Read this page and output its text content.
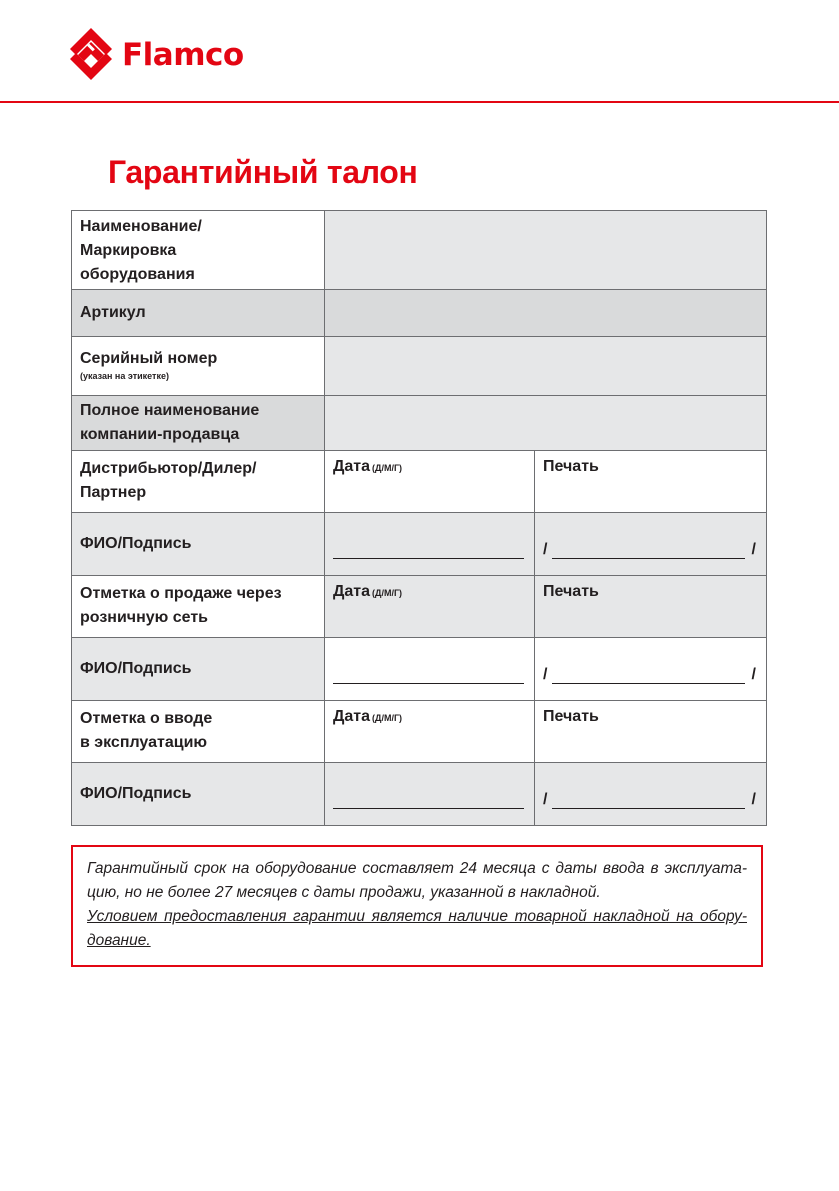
Flamco
Гарантийный талон
Наименование/
Маркировка
оборудования		

Артикул		

Серийный номер
(указан на этикетке)		

Полное наименование
компании-продавца		

Дистрибьютор/Дилер/
Партнер	Дата (Д/М/Г)	Печать
ФИО/Подпись		/ /

Отметка о продаже через
розничную сеть	Дата (Д/М/Г)	Печать
ФИО/Подпись		/ /

Отметка о вводе
в эксплуатацию	Дата (Д/М/Г)	Печать
ФИО/Подпись		/ /

Гарантийный срок на оборудование составляет 24 месяца с даты ввода в эксплуата-цию, но не более 27 месяцев с даты продажи, указанной в накладной.

Условием предоставления гарантии является наличие товарной накладной на обору-дование.
